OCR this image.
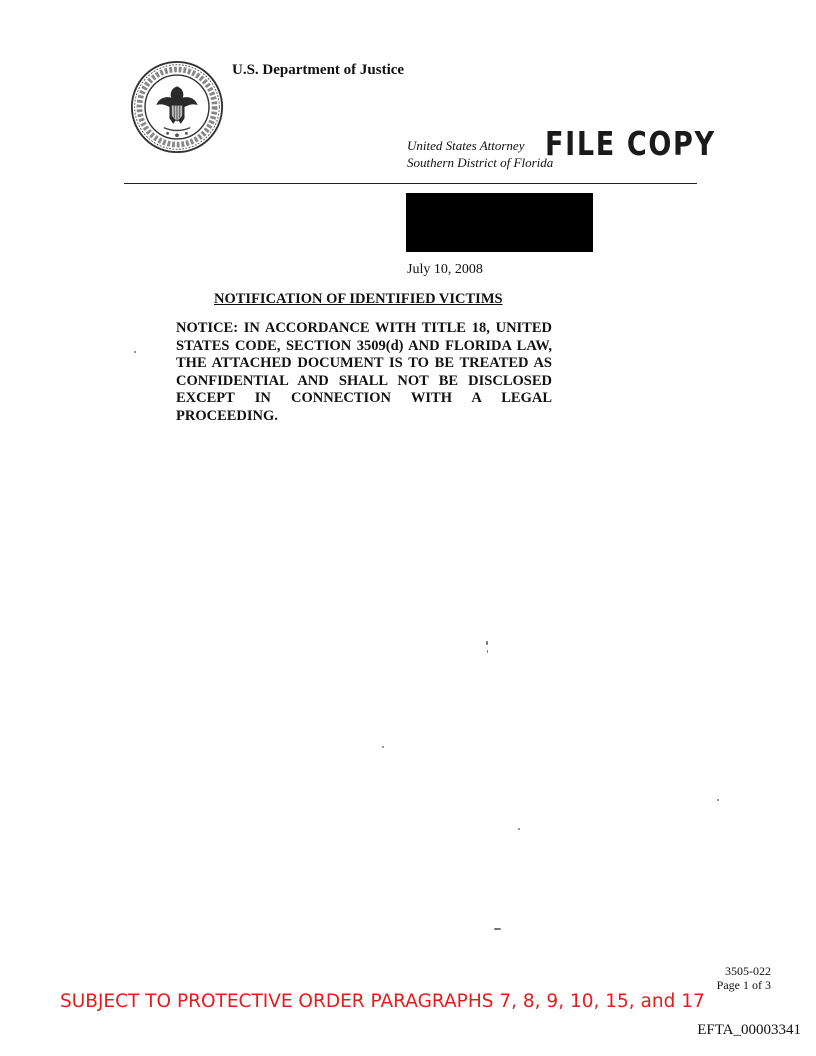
U.S. Department of Justice
United States Attorney
Southern District of Florida
FILE COPY
July 10, 2008
NOTIFICATION OF IDENTIFIED VICTIMS
NOTICE: IN ACCORDANCE WITH TITLE 18, UNITED STATES CODE, SECTION 3509(d) AND FLORIDA LAW, THE ATTACHED DOCUMENT IS TO BE TREATED AS CONFIDENTIAL AND SHALL NOT BE DISCLOSED EXCEPT IN CONNECTION WITH A LEGAL PROCEEDING.
3505-022
Page 1 of 3
SUBJECT TO PROTECTIVE ORDER PARAGRAPHS 7, 8, 9, 10, 15, and 17
EFTA_00003341
